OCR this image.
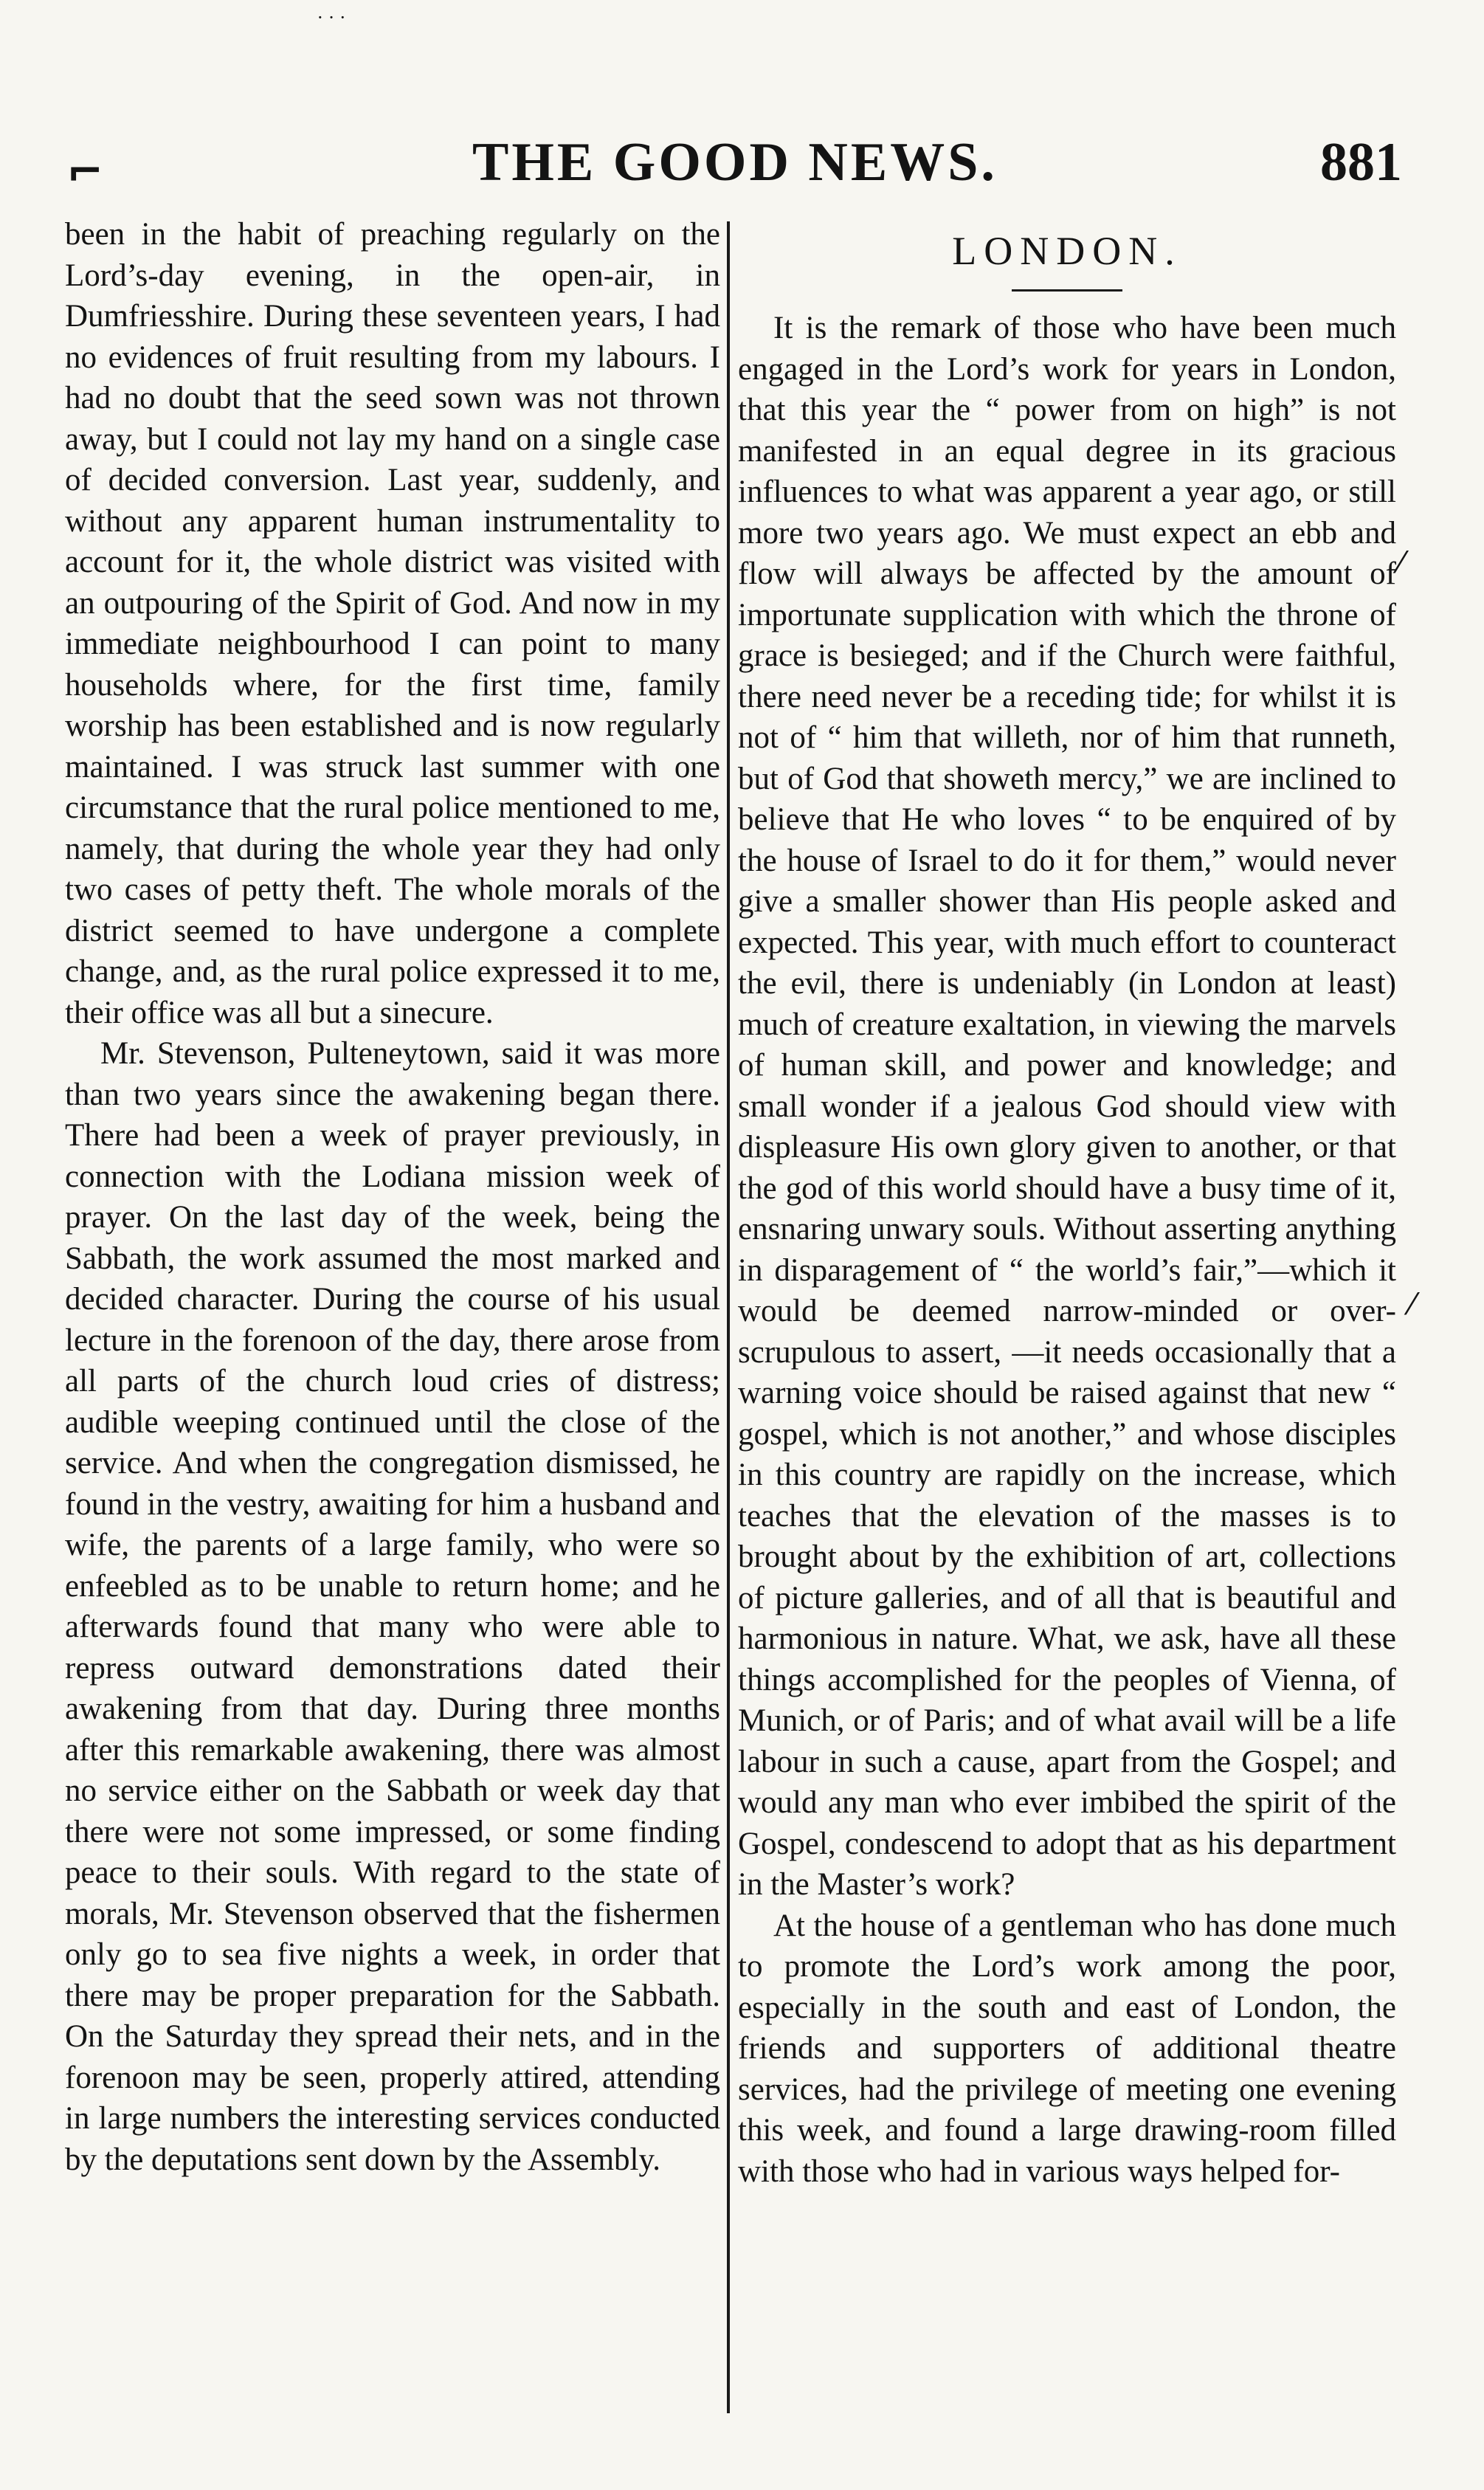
⌐	THE GOOD NEWS.	881
· · ·

been in the habit of preaching regularly on the Lord’s-day evening, in the open-air, in Dumfriesshire. During these seventeen years, I had no evidences of fruit resulting from my labours. I had no doubt that the seed sown was not thrown away, but I could not lay my hand on a single case of decided conversion. Last year, suddenly, and without any apparent human instrumentality to account for it, the whole district was visited with an outpouring of the Spirit of God. And now in my immediate neighbourhood I can point to many households where, for the first time, family worship has been established and is now regularly maintained. I was struck last summer with one circumstance that the rural police mentioned to me, namely, that during the whole year they had only two cases of petty theft. The whole morals of the district seemed to have undergone a complete change, and, as the rural police expressed it to me, their office was all but a sinecure.

Mr. Stevenson, Pulteneytown, said it was more than two years since the awakening began there. There had been a week of prayer previously, in connection with the Lodiana mission week of prayer. On the last day of the week, being the Sabbath, the work assumed the most marked and decided character. During the course of his usual lecture in the forenoon of the day, there arose from all parts of the church loud cries of distress; audible weeping continued until the close of the service. And when the congregation dismissed, he found in the vestry, awaiting for him a husband and wife, the parents of a large family, who were so enfeebled as to be unable to return home; and he afterwards found that many who were able to repress outward demonstrations dated their awakening from that day. During three months after this remarkable awakening, there was almost no service either on the Sabbath or week day that there were not some impressed, or some finding peace to their souls. With regard to the state of morals, Mr. Stevenson observed that the fishermen only go to sea five nights a week, in order that there may be proper preparation for the Sabbath. On the Saturday they spread their nets, and in the forenoon may be seen, properly attired, attending in large numbers the interesting services conducted by the deputations sent down by the Assembly.

LONDON.

It is the remark of those who have been much engaged in the Lord’s work for years in London, that this year the “ power from on high” is not manifested in an equal degree in its gracious influences to what was apparent a year ago, or still more two years ago. We must expect an ebb and flow will always be affected by the amount of importunate supplication with which the throne of grace is besieged; and if the Church were faithful, there need never be a receding tide; for whilst it is not of “ him that willeth, nor of him that runneth, but of God that showeth mercy,” we are inclined to believe that He who loves “ to be enquired of by the house of Israel to do it for them,” would never give a smaller shower than His people asked and expected. This year, with much effort to counteract the evil, there is undeniably (in London at least) much of creature exaltation, in viewing the marvels of human skill, and power and knowledge; and small wonder if a jealous God should view with displeasure His own glory given to another, or that the god of this world should have a busy time of it, ensnaring unwary souls. Without asserting anything in disparagement of “ the world’s fair,”—which it would be deemed narrow-minded or over-scrupulous to assert, —it needs occasionally that a warning voice should be raised against that new “ gospel, which is not another,” and whose disciples in this country are rapidly on the increase, which teaches that the elevation of the masses is to brought about by the exhibition of art, collections of picture galleries, and of all that is beautiful and harmonious in nature. What, we ask, have all these things accomplished for the peoples of Vienna, of Munich, or of Paris; and of what avail will be a life labour in such a cause, apart from the Gospel; and would any man who ever imbibed the spirit of the Gospel, condescend to adopt that as his department in the Master’s work?

At the house of a gentleman who has done much to promote the Lord’s work among the poor, especially in the south and east of London, the friends and supporters of additional theatre services, had the privilege of meeting one evening this week, and found a large drawing-room filled with those who had in various ways helped for-

⁄
⁄
